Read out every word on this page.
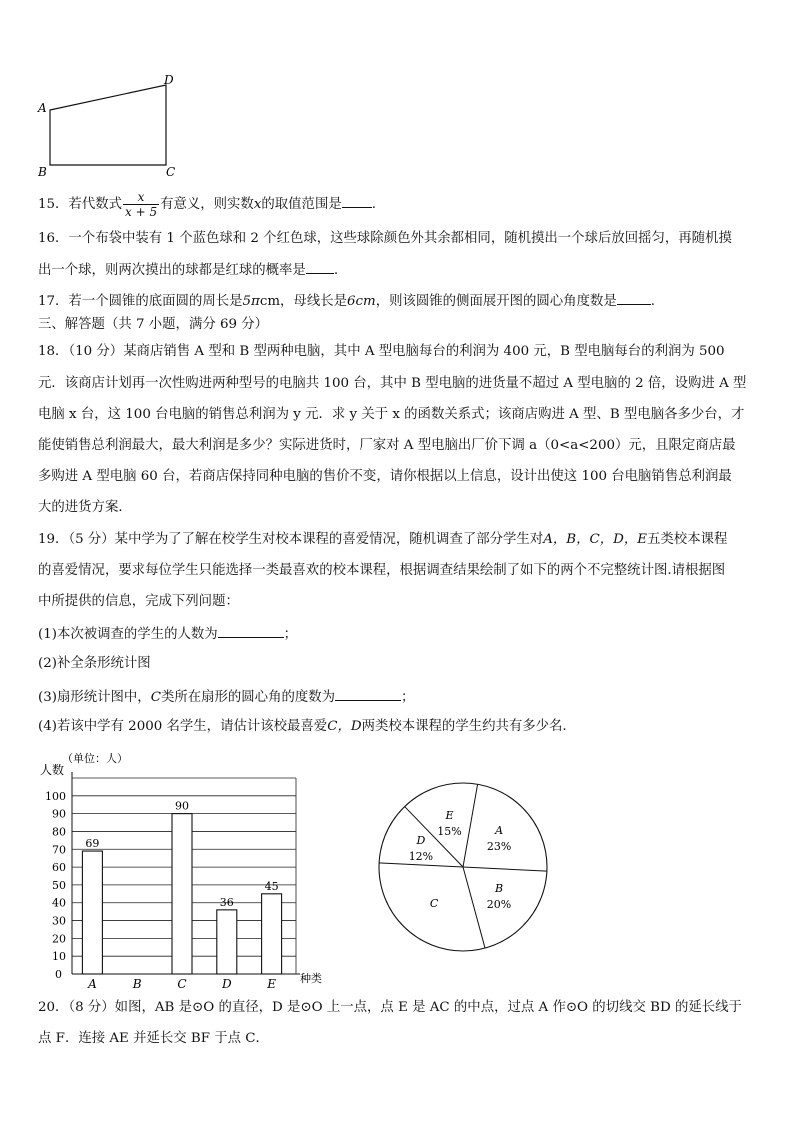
A
D
B	C
15．若代数式 $\frac{x}{x + 5}$ 有意义，则实数x的取值范围是 .
16．一个布袋中装有 1 个蓝色球和 2 个红色球，这些球除颜色外其余都相同，随机摸出一个球后放回摇匀，再随机摸
出一个球，则两次摸出的球都是红球的概率是 .
17．若一个圆锥的底面圆的周长是5πcm，母线长是6cm，则该圆锥的侧面展开图的圆心角度数是	.
三、解答题（共 7 小题，满分 69 分）
18．（10 分）某商店销售 A 型和 B 型两种电脑，其中 A 型电脑每台的利润为 400 元，B 型电脑每台的利润为 500
元．该商店计划再一次性购进两种型号的电脑共 100 台，其中 B 型电脑的进货量不超过 A 型电脑的 2 倍，设购进 A 型
电脑 x 台，这 100 台电脑的销售总利润为 y 元．求 y 关于 x 的函数关系式；该商店购进 A 型、B 型电脑各多少台，才
能使销售总利润最大，最大利润是多少？实际进货时，厂家对 A 型电脑出厂价下调 a（0<a<200）元，且限定商店最
多购进 A 型电脑 60 台，若商店保持同种电脑的售价不变，请你根据以上信息，设计出使这 100 台电脑销售总利润最
大的进货方案．
19．（5 分）某中学为了了解在校学生对校本课程的喜爱情况，随机调查了部分学生对A，B，C，D，E五类校本课程
的喜爱情况，要求每位学生只能选择一类最喜欢的校本课程，根据调查结果绘制了如下的两个不完整统计图.请根据图
中所提供的信息，完成下列问题：
(1)本次被调查的学生的人数为	；
(2)补全条形统计图
(3)扇形统计图中，C类所在扇形的圆心角的度数为	；
(4)若该中学有 2000 名学生，请估计该校最喜爱C，D两类校本课程的学生约共有多少名.
人数
（单位：人）
10
20
30
40
50
60
70
80
90
100
0	种类
A
69
B	C
90
D
36
E
45
A
23%
B
20%
C
D
12%
E
15%
20．（8 分）如图，AB 是⊙O 的直径，D 是⊙O 上一点，点 E 是 AC 的中点，过点 A 作⊙O 的切线交 BD 的延长线于
点 F．连接 AE 并延长交 BF 于点 C．
